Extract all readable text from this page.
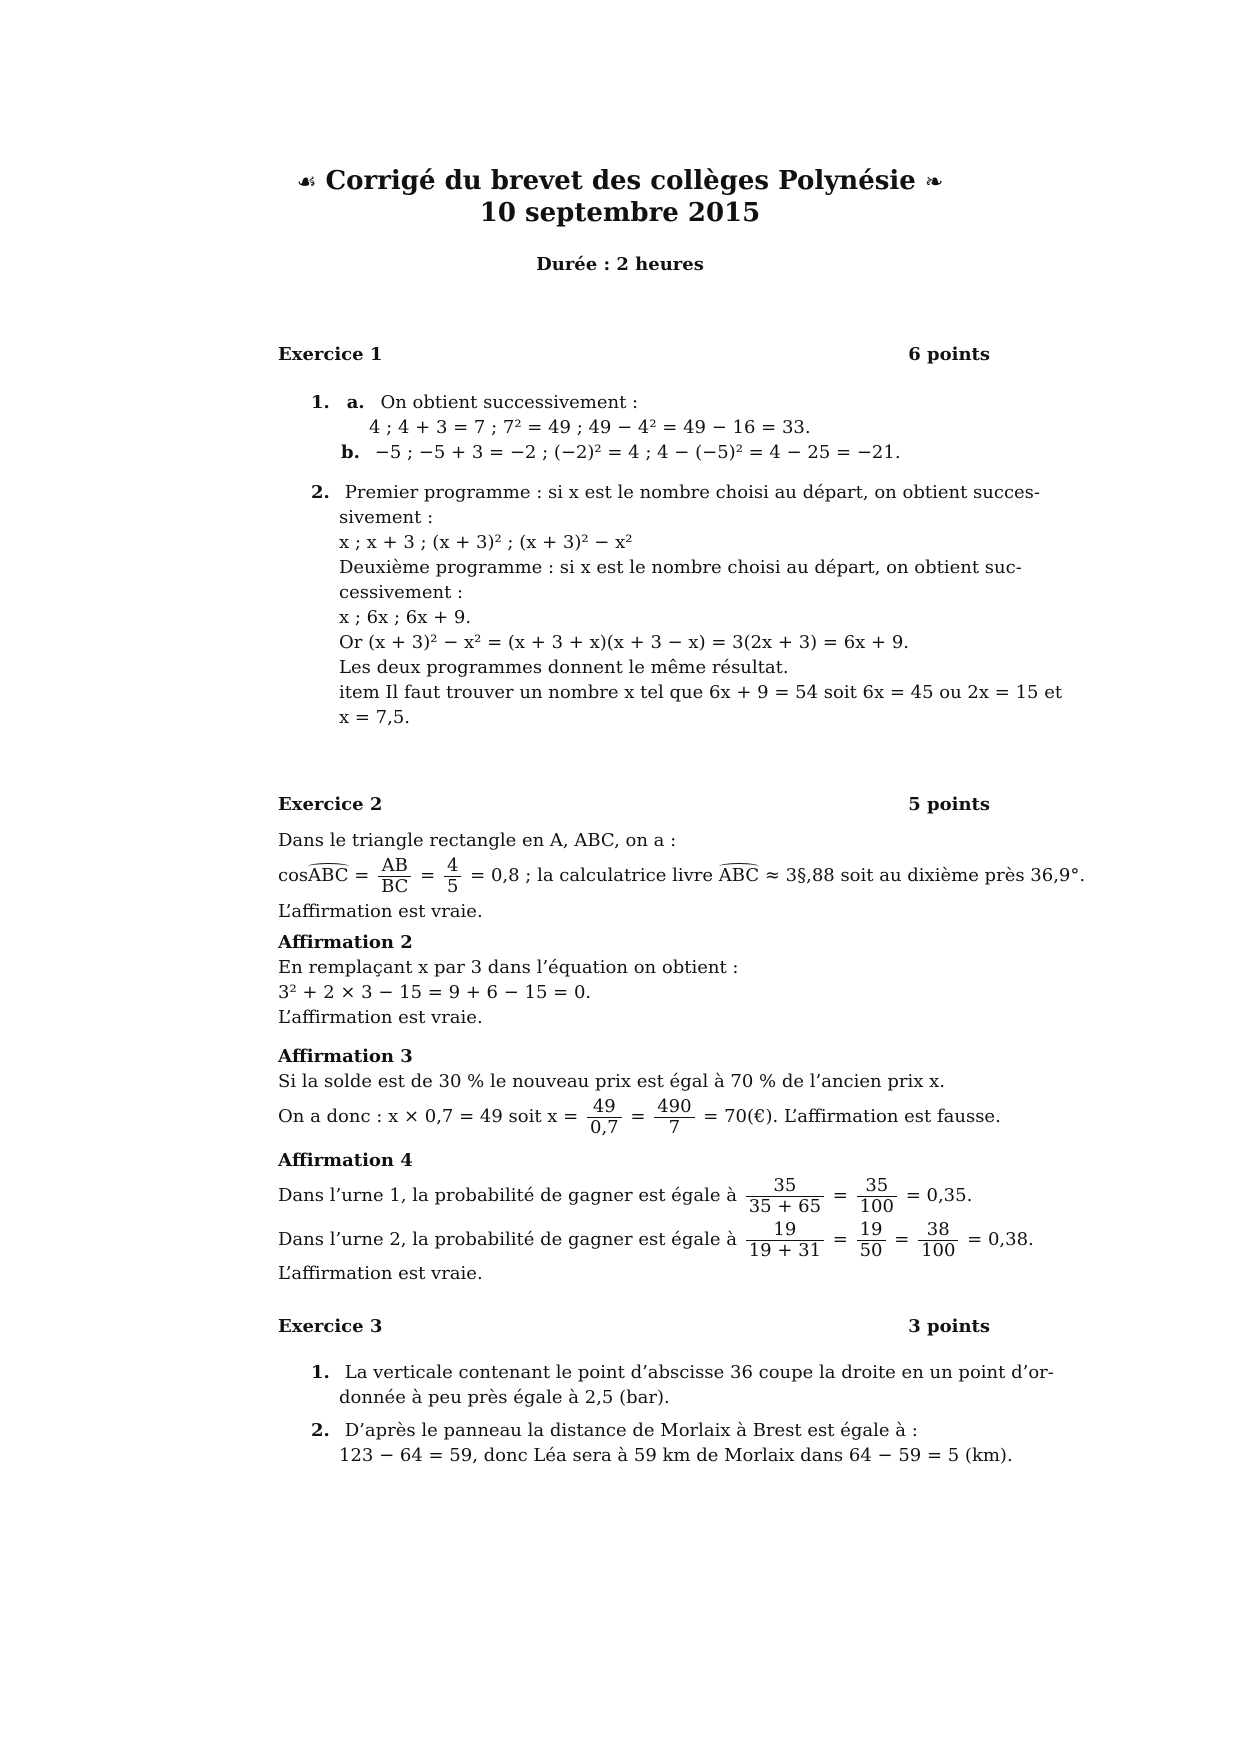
☙ Corrigé du brevet des collèges Polynésie ❧
10 septembre 2015
Durée : 2 heures
Exercice 1	6 points
1. a. On obtient successivement :
4 ; 4 + 3 = 7 ; 7² = 49 ; 49 − 4² = 49 − 16 = 33.
b. −5 ; −5 + 3 = −2 ; (−2)² = 4 ; 4 − (−5)² = 4 − 25 = −21.
2. Premier programme : si x est le nombre choisi au départ, on obtient succes-
sivement :
x ; x + 3 ; (x + 3)² ; (x + 3)² − x²
Deuxième programme : si x est le nombre choisi au départ, on obtient suc-
cessivement :
x ; 6x ; 6x + 9.
Or (x + 3)² − x² = (x + 3 + x)(x + 3 − x) = 3(2x + 3) = 6x + 9.
Les deux programmes donnent le même résultat.
item Il faut trouver un nombre x tel que 6x + 9 = 54 soit 6x = 45 ou 2x = 15 et
x = 7,5.
Exercice 2	5 points
Dans le triangle rectangle en A, ABC, on a :
cosABC = $\frac{AB}{BC} = \frac{4}{5} = 0,8$ ; la calculatrice livre ABC ≈ 3§,88 soit au dixième près 36,9°.
L’affirmation est vraie.
Affirmation 2
En remplaçant x par 3 dans l’équation on obtient :
3² + 2 × 3 − 15 = 9 + 6 − 15 = 0.
L’affirmation est vraie.
Affirmation 3
Si la solde est de 30 % le nouveau prix est égal à 70 % de l’ancien prix x.
On a donc : x × 0,7 = 49 soit $x = \frac{49}{0,7} = \frac{490}{7}$ = 70(€). L’affirmation est fausse.
Affirmation 4
Dans l’urne 1, la probabilité de gagner est égale à $\frac{35}{35 + 65} = \frac{35}{100} = 0,35$.
Dans l’urne 2, la probabilité de gagner est égale à $\frac{19}{19 + 31} = \frac{19}{50} = \frac{38}{100} = 0,38$.
L’affirmation est vraie.
Exercice 3	3 points
1. La verticale contenant le point d’abscisse 36 coupe la droite en un point d’or-
donnée à peu près égale à 2,5 (bar).
2. D’après le panneau la distance de Morlaix à Brest est égale à :
123 − 64 = 59, donc Léa sera à 59 km de Morlaix dans 64 − 59 = 5 (km).
